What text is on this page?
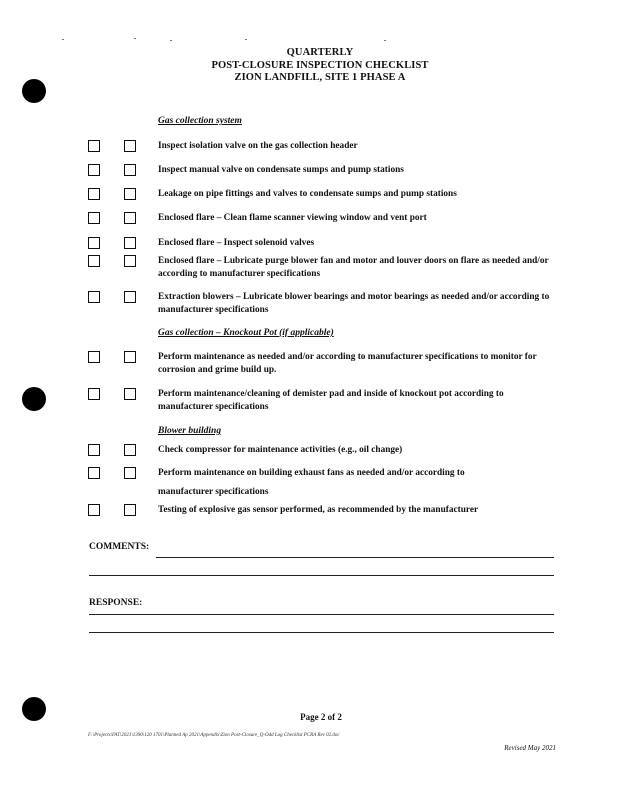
QUARTERLY
POST-CLOSURE INSPECTION CHECKLIST
ZION LANDFILL, SITE 1 PHASE A
Gas collection system
Inspect isolation valve on the gas collection header
Inspect manual valve on condensate sumps and pump stations
Leakage on pipe fittings and valves to condensate sumps and pump stations
Enclosed flare – Clean flame scanner viewing window and vent port
Enclosed flare – Inspect solenoid valves
Enclosed flare – Lubricate purge blower fan and motor and louver doors on flare as needed and/or according to manufacturer specifications
Extraction blowers – Lubricate blower bearings and motor bearings as needed and/or according to manufacturer specifications
Gas collection – Knockout Pot (if applicable)
Perform maintenance as needed and/or according to manufacturer specifications to monitor for corrosion and grime build up.
Perform maintenance/cleaning of demister pad and inside of knockout pot according to manufacturer specifications
Blower building
Check compressor for maintenance activities (e.g., oil change)
Perform maintenance on building exhaust fans as needed and/or according to
manufacturer specifications
Testing of explosive gas sensor performed, as recommended by the manufacturer
COMMENTS:
RESPONSE:
Page 2 of 2
F:\Projects\FAT\2021\1390\120 1701\Planned Ap 2021\Appendix\Zion Post-Closure_Q-Odd Log Checklist PCRA Rev 02.doc
Revised May 2021
